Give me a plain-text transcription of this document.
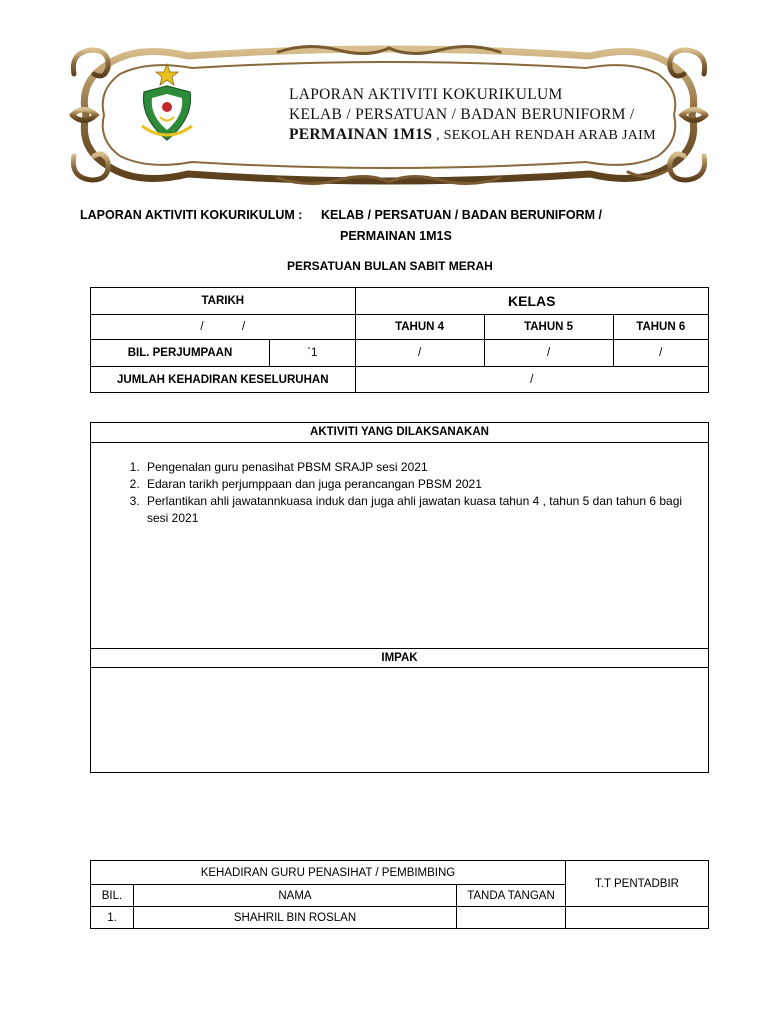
LAPORAN AKTIVITI KOKURIKULUM
KELAB / PERSATUAN / BADAN BERUNIFORM /
PERMAINAN 1M1S , SEKOLAH RENDAH ARAB JAIM
LAPORAN AKTIVITI KOKURIKULUM : KELAB / PERSATUAN / BADAN BERUNIFORM /
PERMAINAN 1M1S
PERSATUAN BULAN SABIT MERAH
TARIKH		KELAS		
/            /		TAHUN 4	TAHUN 5	TAHUN 6
BIL. PERJUMPAAN	`1	/	/	/
JUMLAH KEHADIRAN KESELURUHAN		/		
AKTIVITI YANG DILAKSANAKAN
1. Pengenalan guru penasihat PBSM SRAJP sesi 2021
2. Edaran tarikh perjumppaan dan juga perancangan PBSM 2021
3. Perlantikan ahli jawatannkuasa induk dan juga ahli jawatan kuasa tahun 4 , tahun 5 dan tahun 6 bagi sesi 2021
IMPAK
KEHADIRAN GURU PENASIHAT / PEMBIMBING			T.T PENTADBIR
BIL.	NAMA	TANDA TANGAN	
1.	SHAHRIL BIN ROSLAN		
